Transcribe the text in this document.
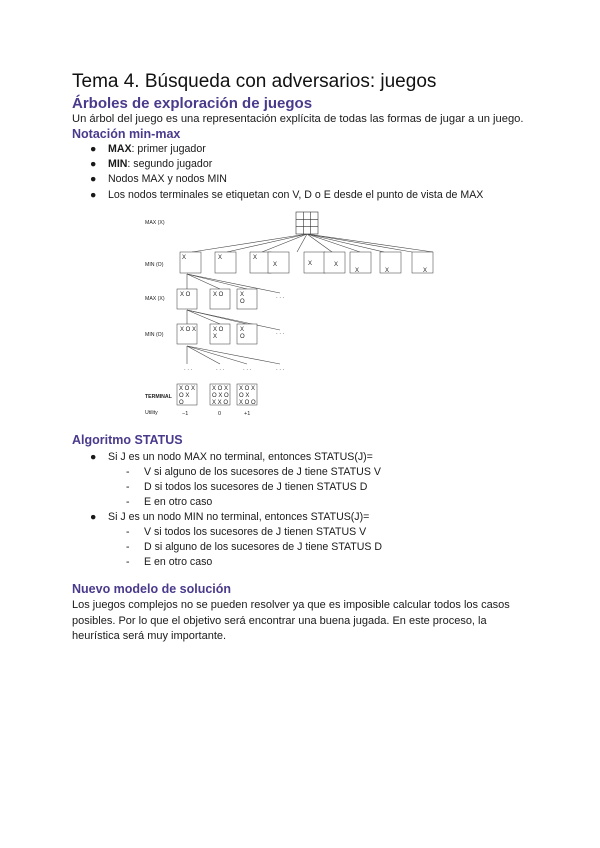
Tema 4. Búsqueda con adversarios: juegos
Árboles de exploración de juegos
Un árbol del juego es una representación explícita de todas las formas de jugar a un juego.
Notación min-max
● MAX: primer jugador
● MIN: segundo jugador
● Nodos MAX y nodos MIN
● Los nodos terminales se etiquetan con V, D o E desde el punto de vista de MAX
MAX (X)
MIN (O)
MAX (X)
MIN (O)
TERMINAL
Utility
X	X	X
X	X	X
X	X	X
X O	X O	X
O
X O X	X O
X
X
O
X O X
O X
O
X O X
O X O
X X O
X O X
O X
X O O
. . .
. . .
. . .	. . .	. . .	. . .
−1	0	+1
Algoritmo STATUS
● Si J es un nodo MAX no terminal, entonces STATUS(J)=
- V si alguno de los sucesores de J tiene STATUS V
- D si todos los sucesores de J tienen STATUS D
- E en otro caso
● Si J es un nodo MIN no terminal, entonces STATUS(J)=
- V si todos los sucesores de J tienen STATUS V
- D si alguno de los sucesores de J tiene STATUS D
- E en otro caso
Nuevo modelo de solución
Los juegos complejos no se pueden resolver ya que es imposible calcular todos los casos
posibles. Por lo que el objetivo será encontrar una buena jugada. En este proceso, la
heurística será muy importante.
